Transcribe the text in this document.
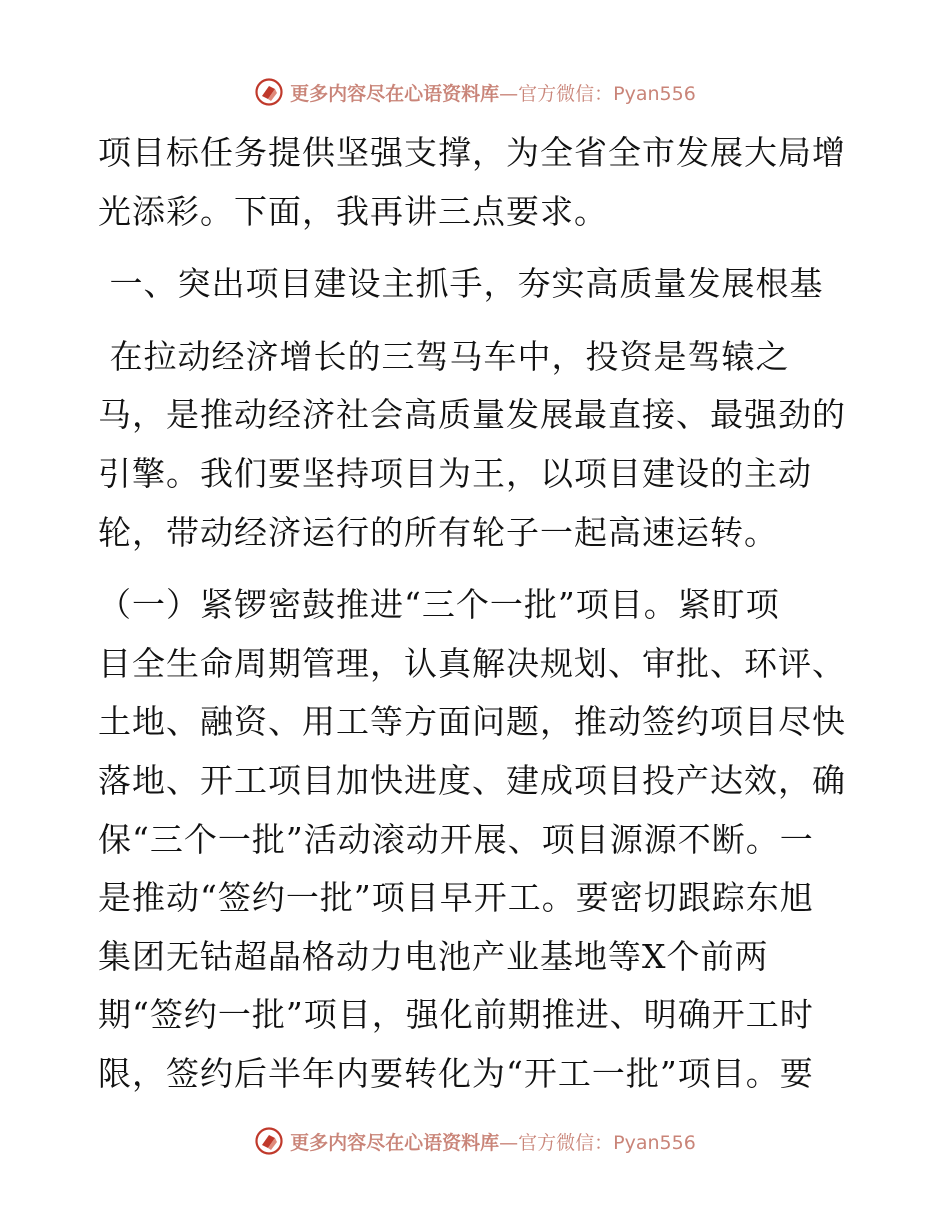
更多内容尽在心语资料库—官方微信：Pyan556
项目标任务提供坚强支撑，为全省全市发展大局增
光添彩。下面，我再讲三点要求。
一、突出项目建设主抓手，夯实高质量发展根基
在拉动经济增长的三驾马车中，投资是驾辕之
马，是推动经济社会高质量发展最直接、最强劲的
引擎。我们要坚持项目为王，以项目建设的主动
轮，带动经济运行的所有轮子一起高速运转。
（一）紧锣密鼓推进“三个一批”项目。紧盯项
目全生命周期管理，认真解决规划、审批、环评、
土地、融资、用工等方面问题，推动签约项目尽快
落地、开工项目加快进度、建成项目投产达效，确
保“三个一批”活动滚动开展、项目源源不断。一
是推动“签约一批”项目早开工。要密切跟踪东旭
集团无钴超晶格动力电池产业基地等X个前两
期“签约一批”项目，强化前期推进、明确开工时
限，签约后半年内要转化为“开工一批”项目。要
更多内容尽在心语资料库—官方微信：Pyan556
